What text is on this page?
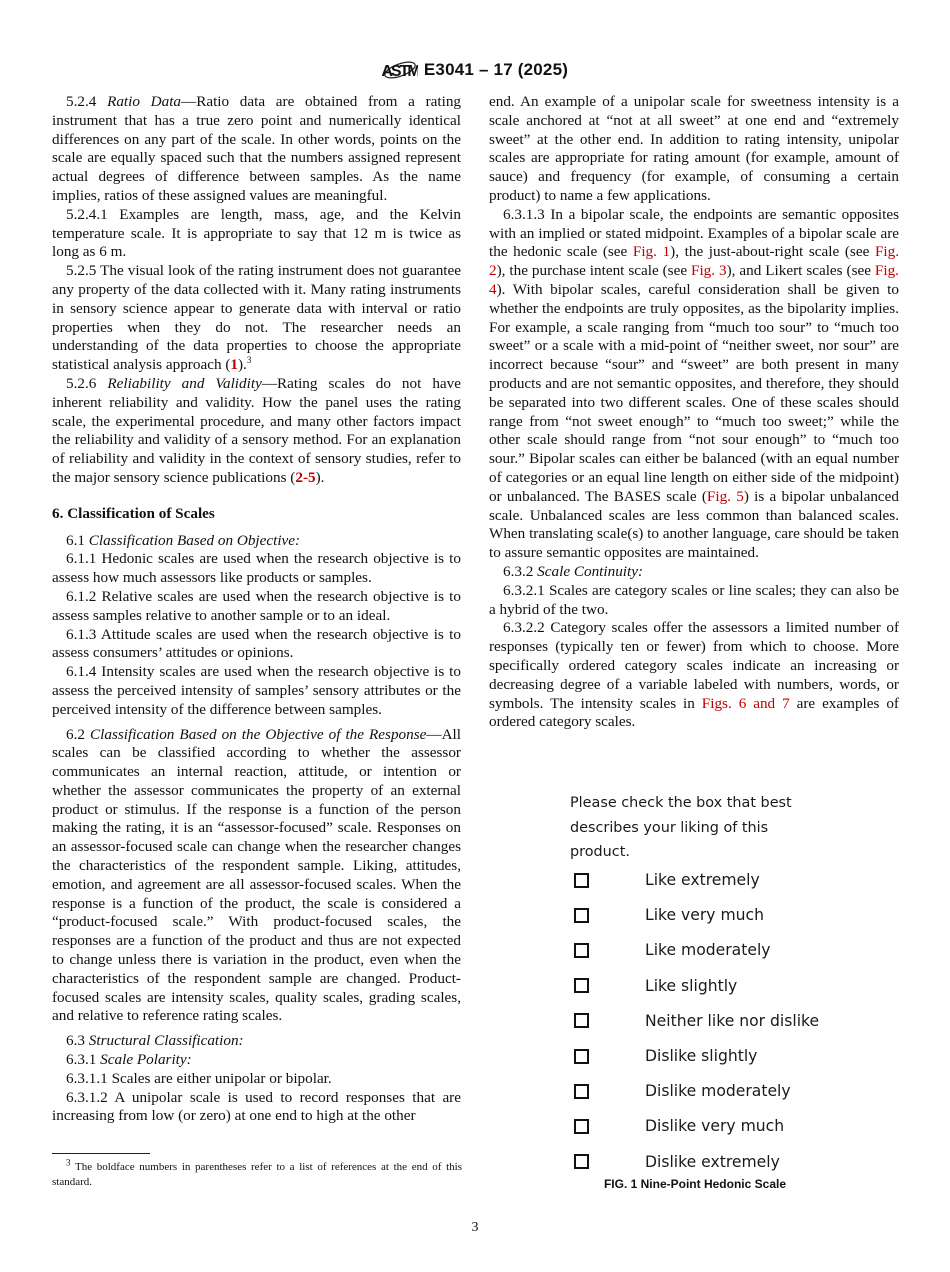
ASTM E3041 – 17 (2025)

5.2.4 Ratio Data—Ratio data are obtained from a rating instrument that has a true zero point and numerically identical differences on any part of the scale. In other words, points on the scale are equally spaced such that the numbers assigned represent actual degrees of difference between samples. As the name implies, ratios of these assigned values are meaningful.

5.2.4.1 Examples are length, mass, age, and the Kelvin temperature scale. It is appropriate to say that 12 m is twice as long as 6 m.

5.2.5 The visual look of the rating instrument does not guarantee any property of the data collected with it. Many rating instruments in sensory science appear to generate data with interval or ratio properties when they do not. The researcher needs an understanding of the data properties to choose the appropriate statistical analysis approach (1).$^3$

5.2.6 Reliability and Validity—Rating scales do not have inherent reliability and validity. How the panel uses the rating scale, the experimental procedure, and many other factors impact the reliability and validity of a sensory method. For an explanation of reliability and validity in the context of sensory studies, refer to the major sensory science publications (2-5).

6. Classification of Scales

6.1 Classification Based on Objective:

6.1.1 Hedonic scales are used when the research objective is to assess how much assessors like products or samples.

6.1.2 Relative scales are used when the research objective is to assess samples relative to another sample or to an ideal.

6.1.3 Attitude scales are used when the research objective is to assess consumers’ attitudes or opinions.

6.1.4 Intensity scales are used when the research objective is to assess the perceived intensity of samples’ sensory attributes or the perceived intensity of the difference between samples.

6.2 Classification Based on the Objective of the Response—All scales can be classified according to whether the assessor communicates an internal reaction, attitude, or intention or whether the assessor communicates the property of an external product or stimulus. If the response is a function of the person making the rating, it is an “assessor-focused” scale. Responses on an assessor-focused scale can change when the researcher changes the characteristics of the respondent sample. Liking, attitudes, emotion, and agreement are all assessor-focused scales. When the response is a function of the product, the scale is considered a “product-focused scale.” With product-focused scales, the responses are a function of the product and thus are not expected to change unless there is variation in the product, even when the characteristics of the respondent sample are changed. Product-focused scales are intensity scales, quality scales, grading scales, and relative to reference rating scales.

6.3 Structural Classification:

6.3.1 Scale Polarity:

6.3.1.1 Scales are either unipolar or bipolar.

6.3.1.2 A unipolar scale is used to record responses that are increasing from low (or zero) at one end to high at the other

end. An example of a unipolar scale for sweetness intensity is a scale anchored at “not at all sweet” at one end and “extremely sweet” at the other end. In addition to rating intensity, unipolar scales are appropriate for rating amount (for example, amount of sauce) and frequency (for example, of consuming a certain product) to name a few applications.

6.3.1.3 In a bipolar scale, the endpoints are semantic opposites with an implied or stated midpoint. Examples of a bipolar scale are the hedonic scale (see Fig. 1), the just-about-right scale (see Fig. 2), the purchase intent scale (see Fig. 3), and Likert scales (see Fig. 4). With bipolar scales, careful consideration shall be given to whether the endpoints are truly opposites, as the bipolarity implies. For example, a scale ranging from “much too sour” to “much too sweet” or a scale with a mid-point of “neither sweet, nor sour” are incorrect because “sour” and “sweet” are both present in many products and are not semantic opposites, and therefore, they should be separated into two different scales. One of these scales should range from “not sweet enough” to “much too sweet;” while the other scale should range from “not sour enough” to “much too sour.” Bipolar scales can either be balanced (with an equal number of categories or an equal line length on either side of the midpoint) or unbalanced. The BASES scale (Fig. 5) is a bipolar unbalanced scale. Unbalanced scales are less common than balanced scales. When translating scale(s) to another language, care should be taken to assure semantic opposites are maintained.

6.3.2 Scale Continuity:

6.3.2.1 Scales are category scales or line scales; they can also be a hybrid of the two.

6.3.2.2 Category scales offer the assessors a limited number of responses (typically ten or fewer) from which to choose. More specifically ordered category scales indicate an increasing or decreasing degree of a variable labeled with numbers, words, or symbols. The intensity scales in Figs. 6 and 7 are examples of ordered category scales.

Please check the box that best

describes your liking of this

product.

Like extremely
Like very much
Like moderately
Like slightly
Neither like nor dislike
Dislike slightly
Dislike moderately
Dislike very much
Dislike extremely
FIG. 1 Nine-Point Hedonic Scale
$^3$ The boldface numbers in parentheses refer to a list of references at the end of this standard.
3
